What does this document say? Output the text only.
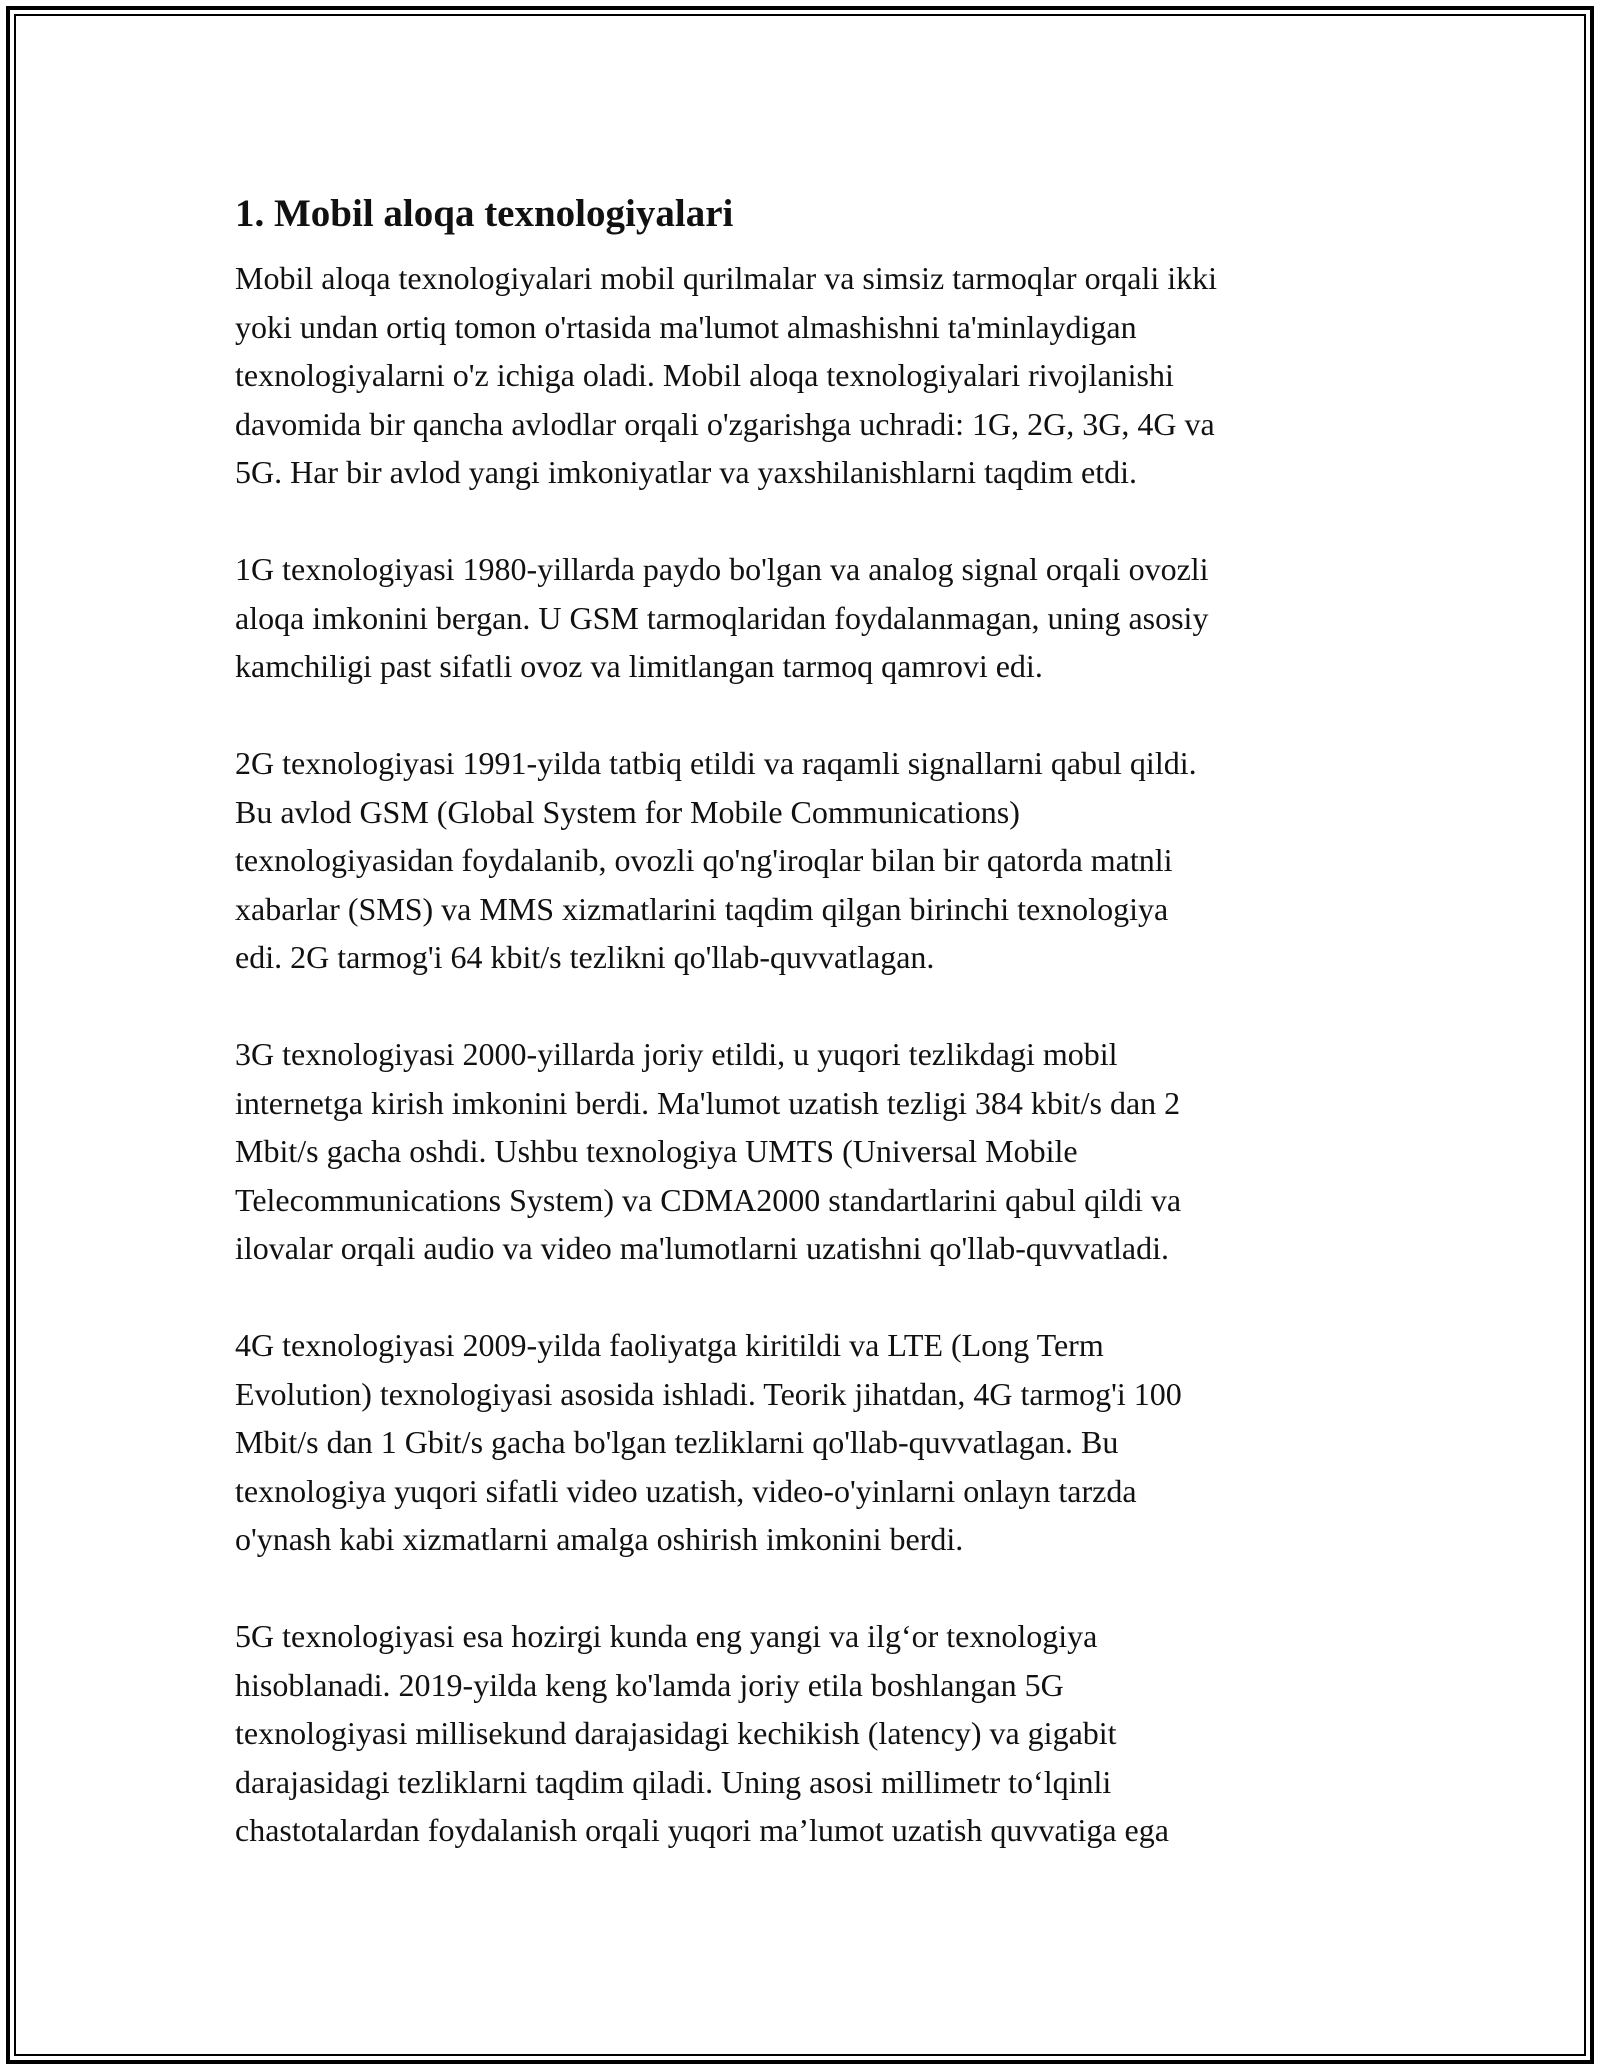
1. Mobil aloqa texnologiyalari

Mobil aloqa texnologiyalari mobil qurilmalar va simsiz tarmoqlar orqali ikki
yoki undan ortiq tomon o'rtasida ma'lumot almashishni ta'minlaydigan
texnologiyalarni o'z ichiga oladi. Mobil aloqa texnologiyalari rivojlanishi
davomida bir qancha avlodlar orqali o'zgarishga uchradi: 1G, 2G, 3G, 4G va
5G. Har bir avlod yangi imkoniyatlar va yaxshilanishlarni taqdim etdi.

1G texnologiyasi 1980-yillarda paydo bo'lgan va analog signal orqali ovozli
aloqa imkonini bergan. U GSM tarmoqlaridan foydalanmagan, uning asosiy
kamchiligi past sifatli ovoz va limitlangan tarmoq qamrovi edi.

2G texnologiyasi 1991-yilda tatbiq etildi va raqamli signallarni qabul qildi.
Bu avlod GSM (Global System for Mobile Communications)
texnologiyasidan foydalanib, ovozli qo'ng'iroqlar bilan bir qatorda matnli
xabarlar (SMS) va MMS xizmatlarini taqdim qilgan birinchi texnologiya
edi. 2G tarmog'i 64 kbit/s tezlikni qo'llab-quvvatlagan.

3G texnologiyasi 2000-yillarda joriy etildi, u yuqori tezlikdagi mobil
internetga kirish imkonini berdi. Ma'lumot uzatish tezligi 384 kbit/s dan 2
Mbit/s gacha oshdi. Ushbu texnologiya UMTS (Universal Mobile
Telecommunications System) va CDMA2000 standartlarini qabul qildi va
ilovalar orqali audio va video ma'lumotlarni uzatishni qo'llab-quvvatladi.

4G texnologiyasi 2009-yilda faoliyatga kiritildi va LTE (Long Term
Evolution) texnologiyasi asosida ishladi. Teorik jihatdan, 4G tarmog'i 100
Mbit/s dan 1 Gbit/s gacha bo'lgan tezliklarni qo'llab-quvvatlagan. Bu
texnologiya yuqori sifatli video uzatish, video-o'yinlarni onlayn tarzda
o'ynash kabi xizmatlarni amalga oshirish imkonini berdi.

5G texnologiyasi esa hozirgi kunda eng yangi va ilg‘or texnologiya
hisoblanadi. 2019-yilda keng ko'lamda joriy etila boshlangan 5G
texnologiyasi millisekund darajasidagi kechikish (latency) va gigabit
darajasidagi tezliklarni taqdim qiladi. Uning asosi millimetr to‘lqinli
chastotalardan foydalanish orqali yuqori ma’lumot uzatish quvvatiga ega
